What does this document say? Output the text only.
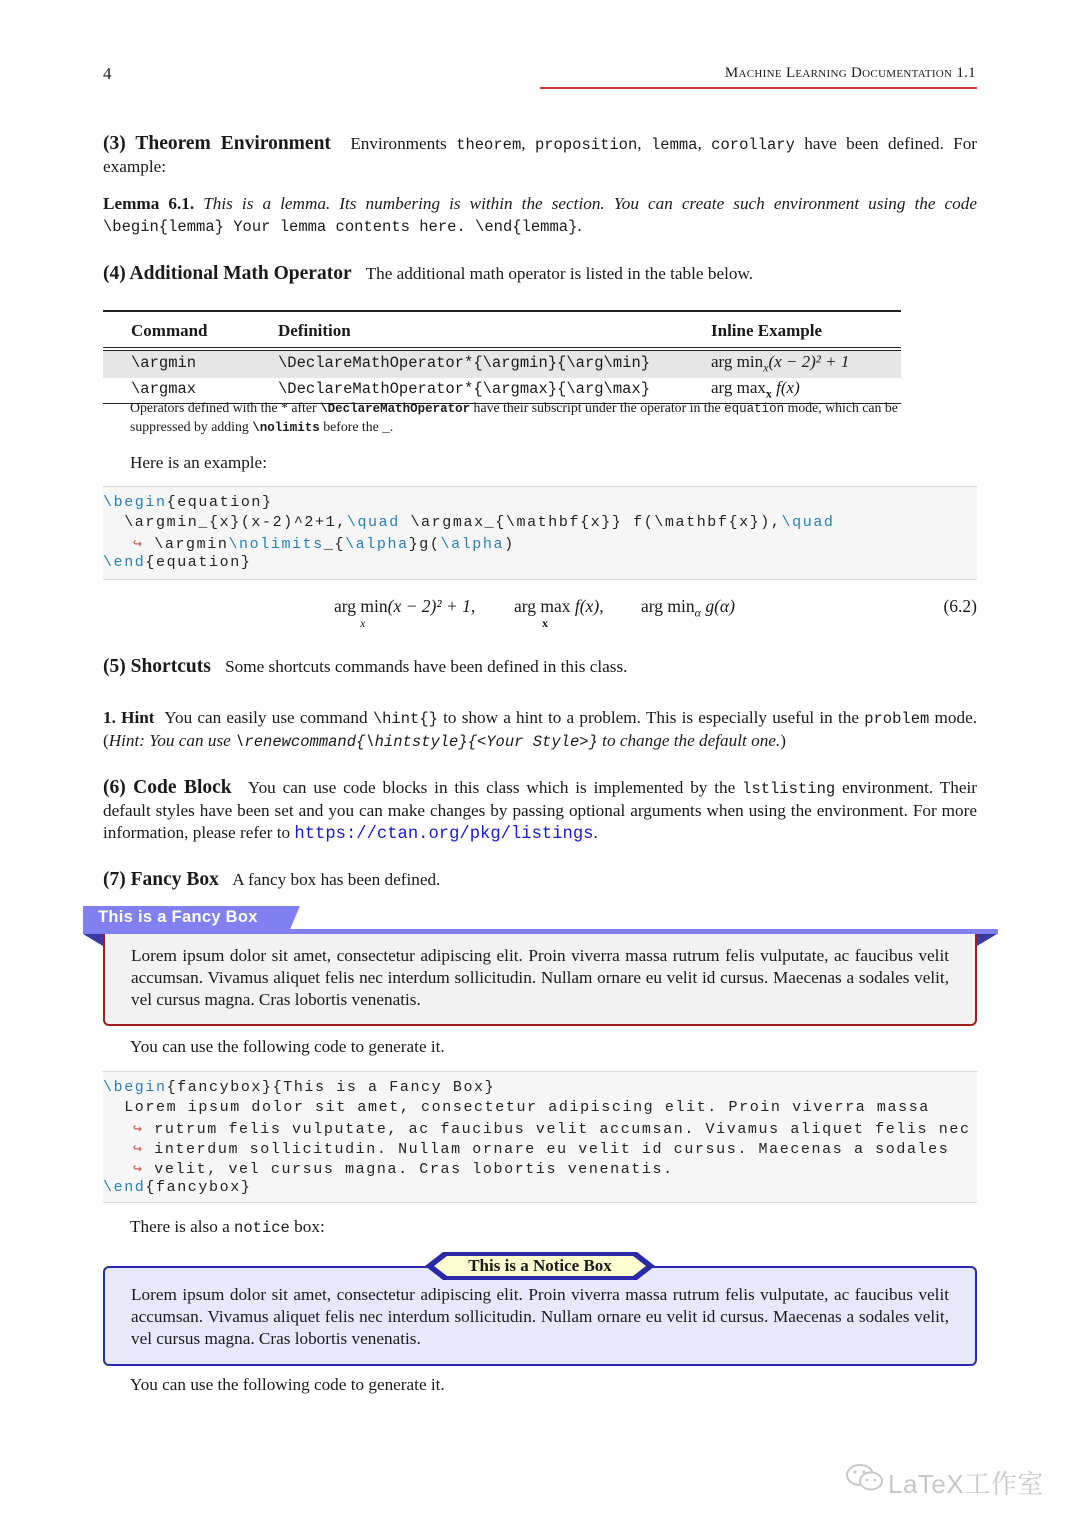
4	Machine Learning Documentation 1.1
(3) Theorem Environment Environments theorem, proposition, lemma, corollary have been defined. For example:
Lemma 6.1. This is a lemma. Its numbering is within the section. You can create such environment using the code \begin{lemma} Your lemma contents here. \end{lemma}.
(4) Additional Math Operator The additional math operator is listed in the table below.
Command	Definition	Inline Example
\argmin	\DeclareMathOperator*{\argmin}{\arg\min}	arg $\min_x(x - 2)^2 + 1$
\argmax	\DeclareMathOperator*{\argmax}{\arg\max}	arg $\max_x f(x)$
Operators defined with the * after \DeclareMathOperator have their subscript under the operator in the equation mode, which can be suppressed by adding \nolimits before the _.
Here is an example:
\begin{equation}
\argmin_{x}(x-2)^2+1,\quad \argmax_{\mathbf{x}} f(\mathbf{x}),\quad
↪ \argmin\nolimits_{\alpha}g(\alpha)
\end{equation}
arg min
x
(x − 2)² + 1, arg max
x
f(x), arg $\min_\alpha g(\alpha)$	(6.2)
(5) Shortcuts Some shortcuts commands have been defined in this class.
1. Hint You can easily use command \hint{} to show a hint to a problem. This is especially useful in the problem mode. (Hint: You can use \renewcommand{\hintstyle}{<Your Style>} to change the default one.)
(6) Code Block You can use code blocks in this class which is implemented by the lstlisting environment. Their default styles have been set and you can make changes by passing optional arguments when using the environment. For more information, please refer to https://ctan.org/pkg/listings.
(7) Fancy Box A fancy box has been defined.
This is a Fancy Box
Lorem ipsum dolor sit amet, consectetur adipiscing elit. Proin viverra massa rutrum felis vulputate, ac faucibus velit accumsan. Vivamus aliquet felis nec interdum sollicitudin. Nullam ornare eu velit id cursus. Maecenas a sodales velit, vel cursus magna. Cras lobortis venenatis.
You can use the following code to generate it.
\begin{fancybox}{This is a Fancy Box}
Lorem ipsum dolor sit amet, consectetur adipiscing elit. Proin viverra massa
↪ rutrum felis vulputate, ac faucibus velit accumsan. Vivamus aliquet felis nec
↪ interdum sollicitudin. Nullam ornare eu velit id cursus. Maecenas a sodales
↪ velit, vel cursus magna. Cras lobortis venenatis.
\end{fancybox}
There is also a notice box:
This is a Notice Box
Lorem ipsum dolor sit amet, consectetur adipiscing elit. Proin viverra massa rutrum felis vulputate, ac faucibus velit accumsan. Vivamus aliquet felis nec interdum sollicitudin. Nullam ornare eu velit id cursus. Maecenas a sodales velit, vel cursus magna. Cras lobortis venenatis.
You can use the following code to generate it.
LaTeX工作室
